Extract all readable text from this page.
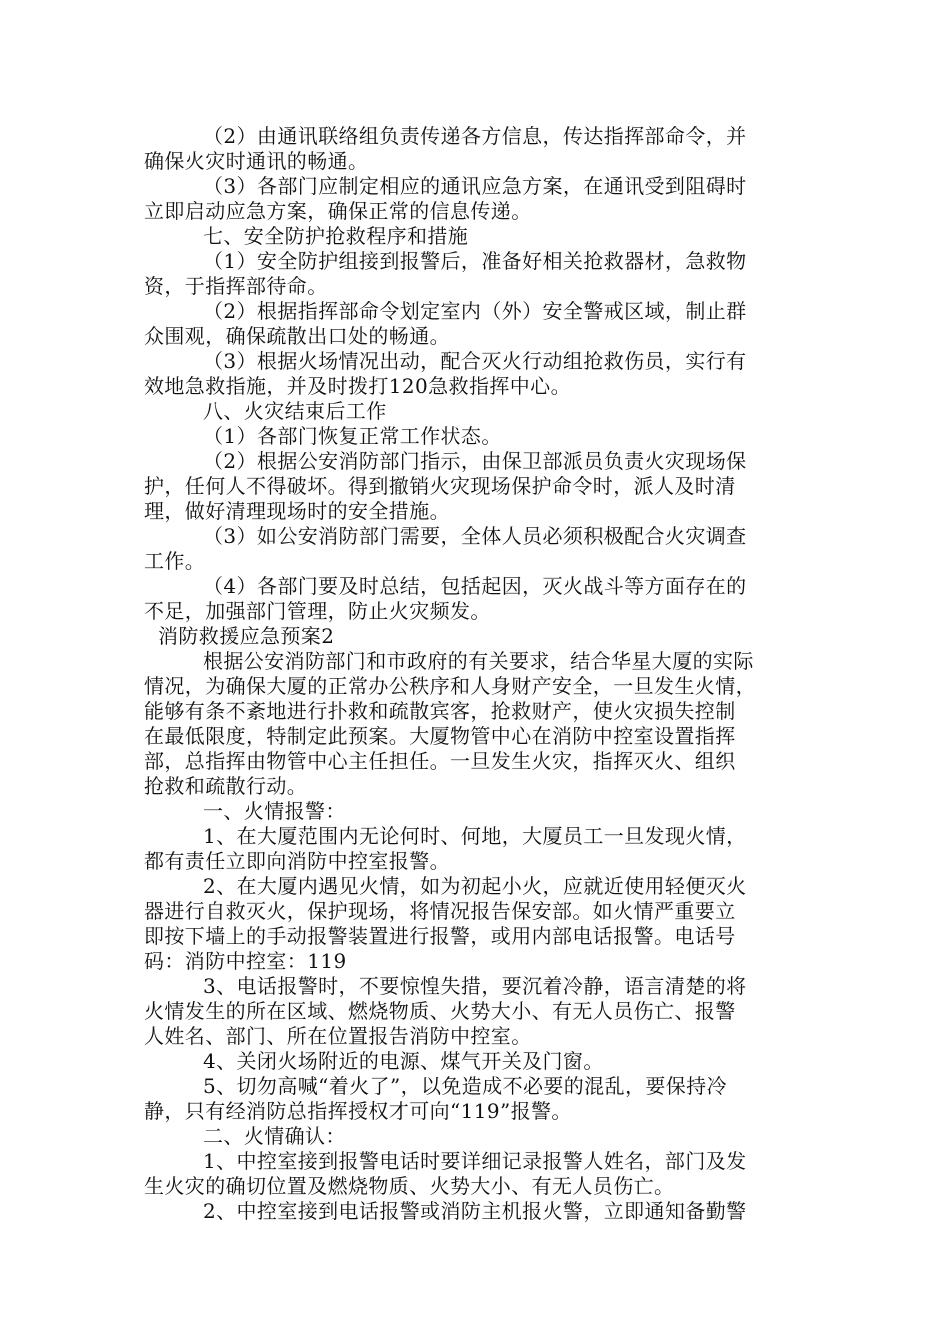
（2）由通讯联络组负责传递各方信息，传达指挥部命令，并
确保火灾时通讯的畅通。
（3）各部门应制定相应的通讯应急方案，在通讯受到阻碍时
立即启动应急方案，确保正常的信息传递。
七、安全防护抢救程序和措施
（1）安全防护组接到报警后，准备好相关抢救器材，急救物
资，于指挥部待命。
（2）根据指挥部命令划定室内（外）安全警戒区域，制止群
众围观，确保疏散出口处的畅通。
（3）根据火场情况出动，配合灭火行动组抢救伤员，实行有
效地急救指施，并及时拨打120急救指挥中心。
八、火灾结束后工作
（1）各部门恢复正常工作状态。
（2）根据公安消防部门指示，由保卫部派员负责火灾现场保
护，任何人不得破坏。得到撤销火灾现场保护命令时，派人及时清
理，做好清理现场时的安全措施。
（3）如公安消防部门需要，全体人员必须积极配合火灾调查
工作。
（4）各部门要及时总结，包括起因，灭火战斗等方面存在的
不足，加强部门管理，防止火灾频发。
消防救援应急预案2
根据公安消防部门和市政府的有关要求，结合华星大厦的实际
情况，为确保大厦的正常办公秩序和人身财产安全，一旦发生火情，
能够有条不紊地进行扑救和疏散宾客，抢救财产，使火灾损失控制
在最低限度，特制定此预案。大厦物管中心在消防中控室设置指挥
部，总指挥由物管中心主任担任。一旦发生火灾，指挥灭火、组织
抢救和疏散行动。
一、火情报警：
1、在大厦范围内无论何时、何地，大厦员工一旦发现火情，
都有责任立即向消防中控室报警。
2、在大厦内遇见火情，如为初起小火，应就近使用轻便灭火
器进行自救灭火，保护现场，将情况报告保安部。如火情严重要立
即按下墙上的手动报警装置进行报警，或用内部电话报警。电话号
码：消防中控室：119
3、电话报警时，不要惊惶失措，要沉着冷静，语言清楚的将
火情发生的所在区域、燃烧物质、火势大小、有无人员伤亡、报警
人姓名、部门、所在位置报告消防中控室。
4、关闭火场附近的电源、煤气开关及门窗。
5、切勿高喊“着火了”，以免造成不必要的混乱，要保持冷
静，只有经消防总指挥授权才可向“119”报警。
二、火情确认：
1、中控室接到报警电话时要详细记录报警人姓名，部门及发
生火灾的确切位置及燃烧物质、火势大小、有无人员伤亡。
2、中控室接到电话报警或消防主机报火警，立即通知备勤警
